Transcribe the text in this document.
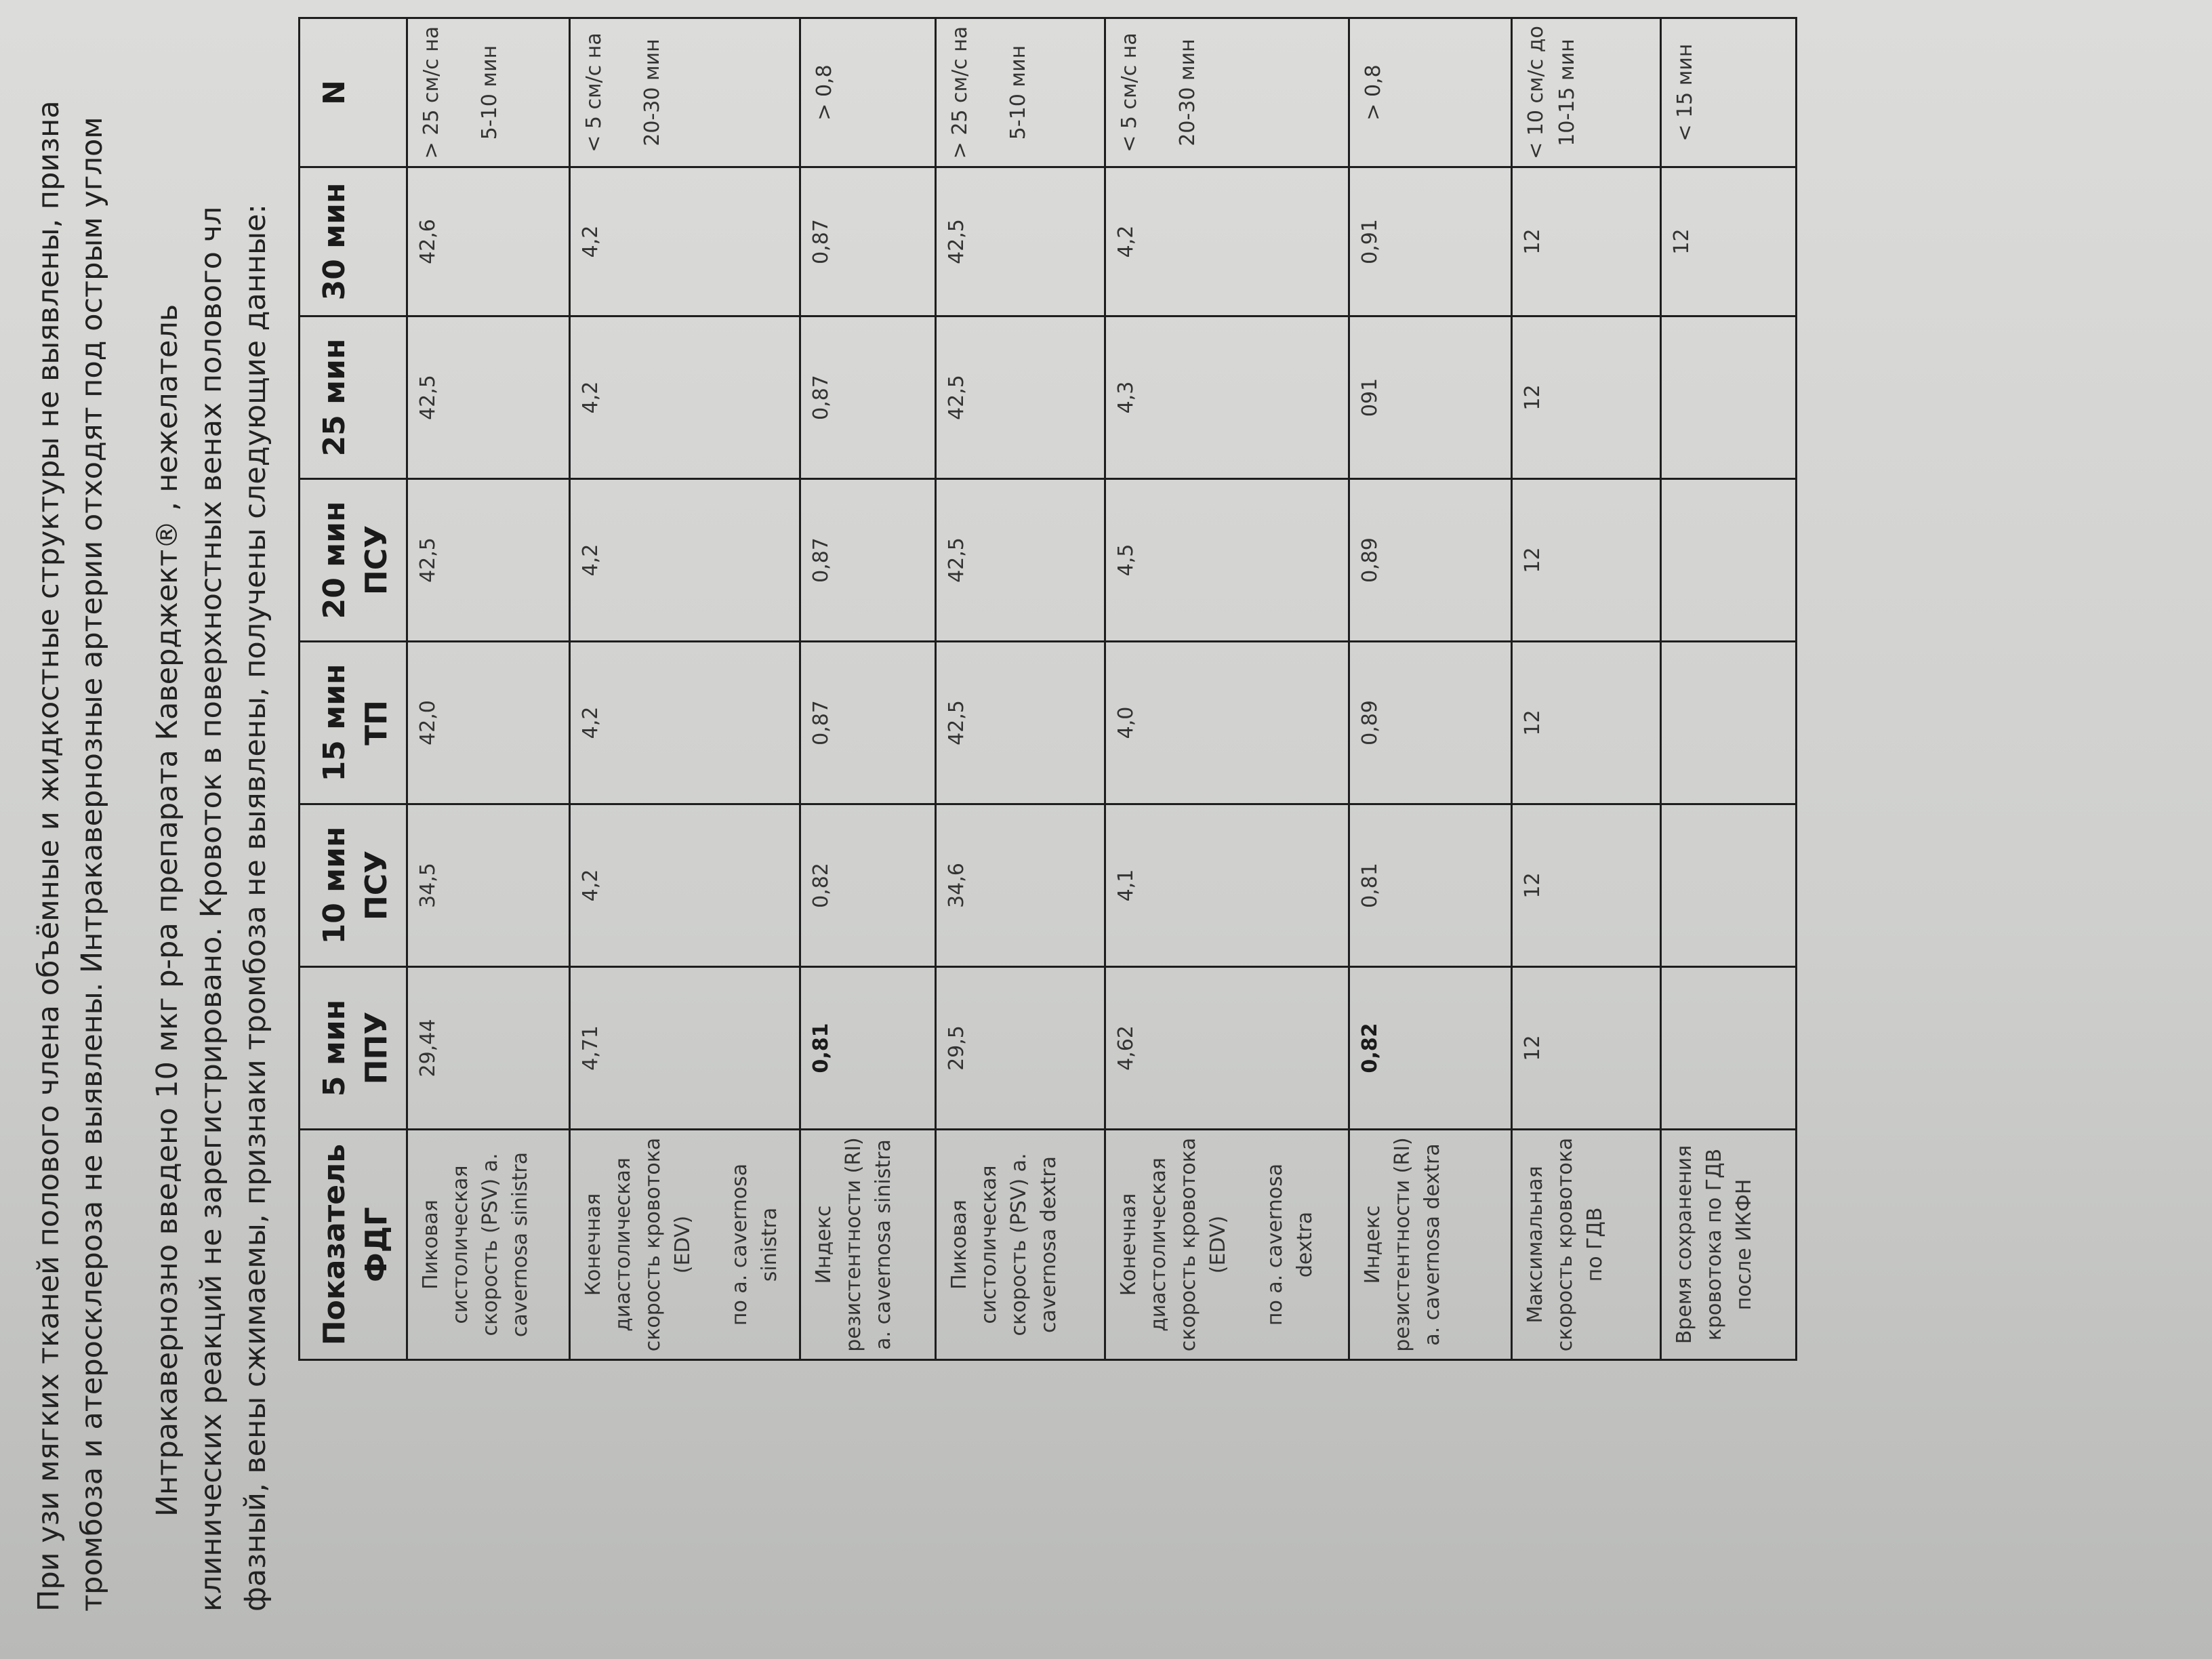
При узи мягких тканей полового члена объёмные и жидкостные структуры не выявлены, призна тромбоза и атеросклероза не выявлены. Интракавернозные артерии отходят под острым углом Интракавернозно введено 10 мкг р-ра препарата Каверджект® , нежелатель клинических реакций не зарегистрировано. Кровоток в поверхностных венах полового чл фазный, вены сжимаемы, признаки тромбоза не выявлены, получены следующие данные: Показатель ФДГ	5 мин ППУ	10 мин ПСУ	15 мин ТП	20 мин ПСУ	25 мин	30 мин	N
Пиковая систолическая скорость (PSV) а. cavernosa sinistra	29,44	34,5	42,0	42,5	42,5	42,6	> 25 см/с на 5-10 мин

Конечная диастолическая скорость кровотока (EDV) по а. cavernosa sinistra	4,71	4,2	4,2	4,2	4,2	4,2	< 5 см/с на 20-30 мин

Индекс резистентности (RI) а. cavernosa sinistra	0,81	0,82	0,87	0,87	0,87	0,87	> 0,8
Пиковая систолическая скорость (PSV) а. cavernosa dextra	29,5	34,6	42,5	42,5	42,5	42,5	> 25 см/с на 5-10 мин

Конечная диастолическая скорость кровотока (EDV) по а. cavernosa dextra	4,62	4,1	4,0	4,5	4,3	4,2	< 5 см/с на 20-30 мин

Индекс резистентности (RI) а. cavernosa dextra	0,82	0,81	0,89	0,89	091	0,91	> 0,8
Максимальная скорость кровотока по ГДВ	12	12	12	12	12	12	< 10 см/с до 10-15 мин
Время сохранения кровотока по ГДВ после ИКФН						12	< 15 мин
